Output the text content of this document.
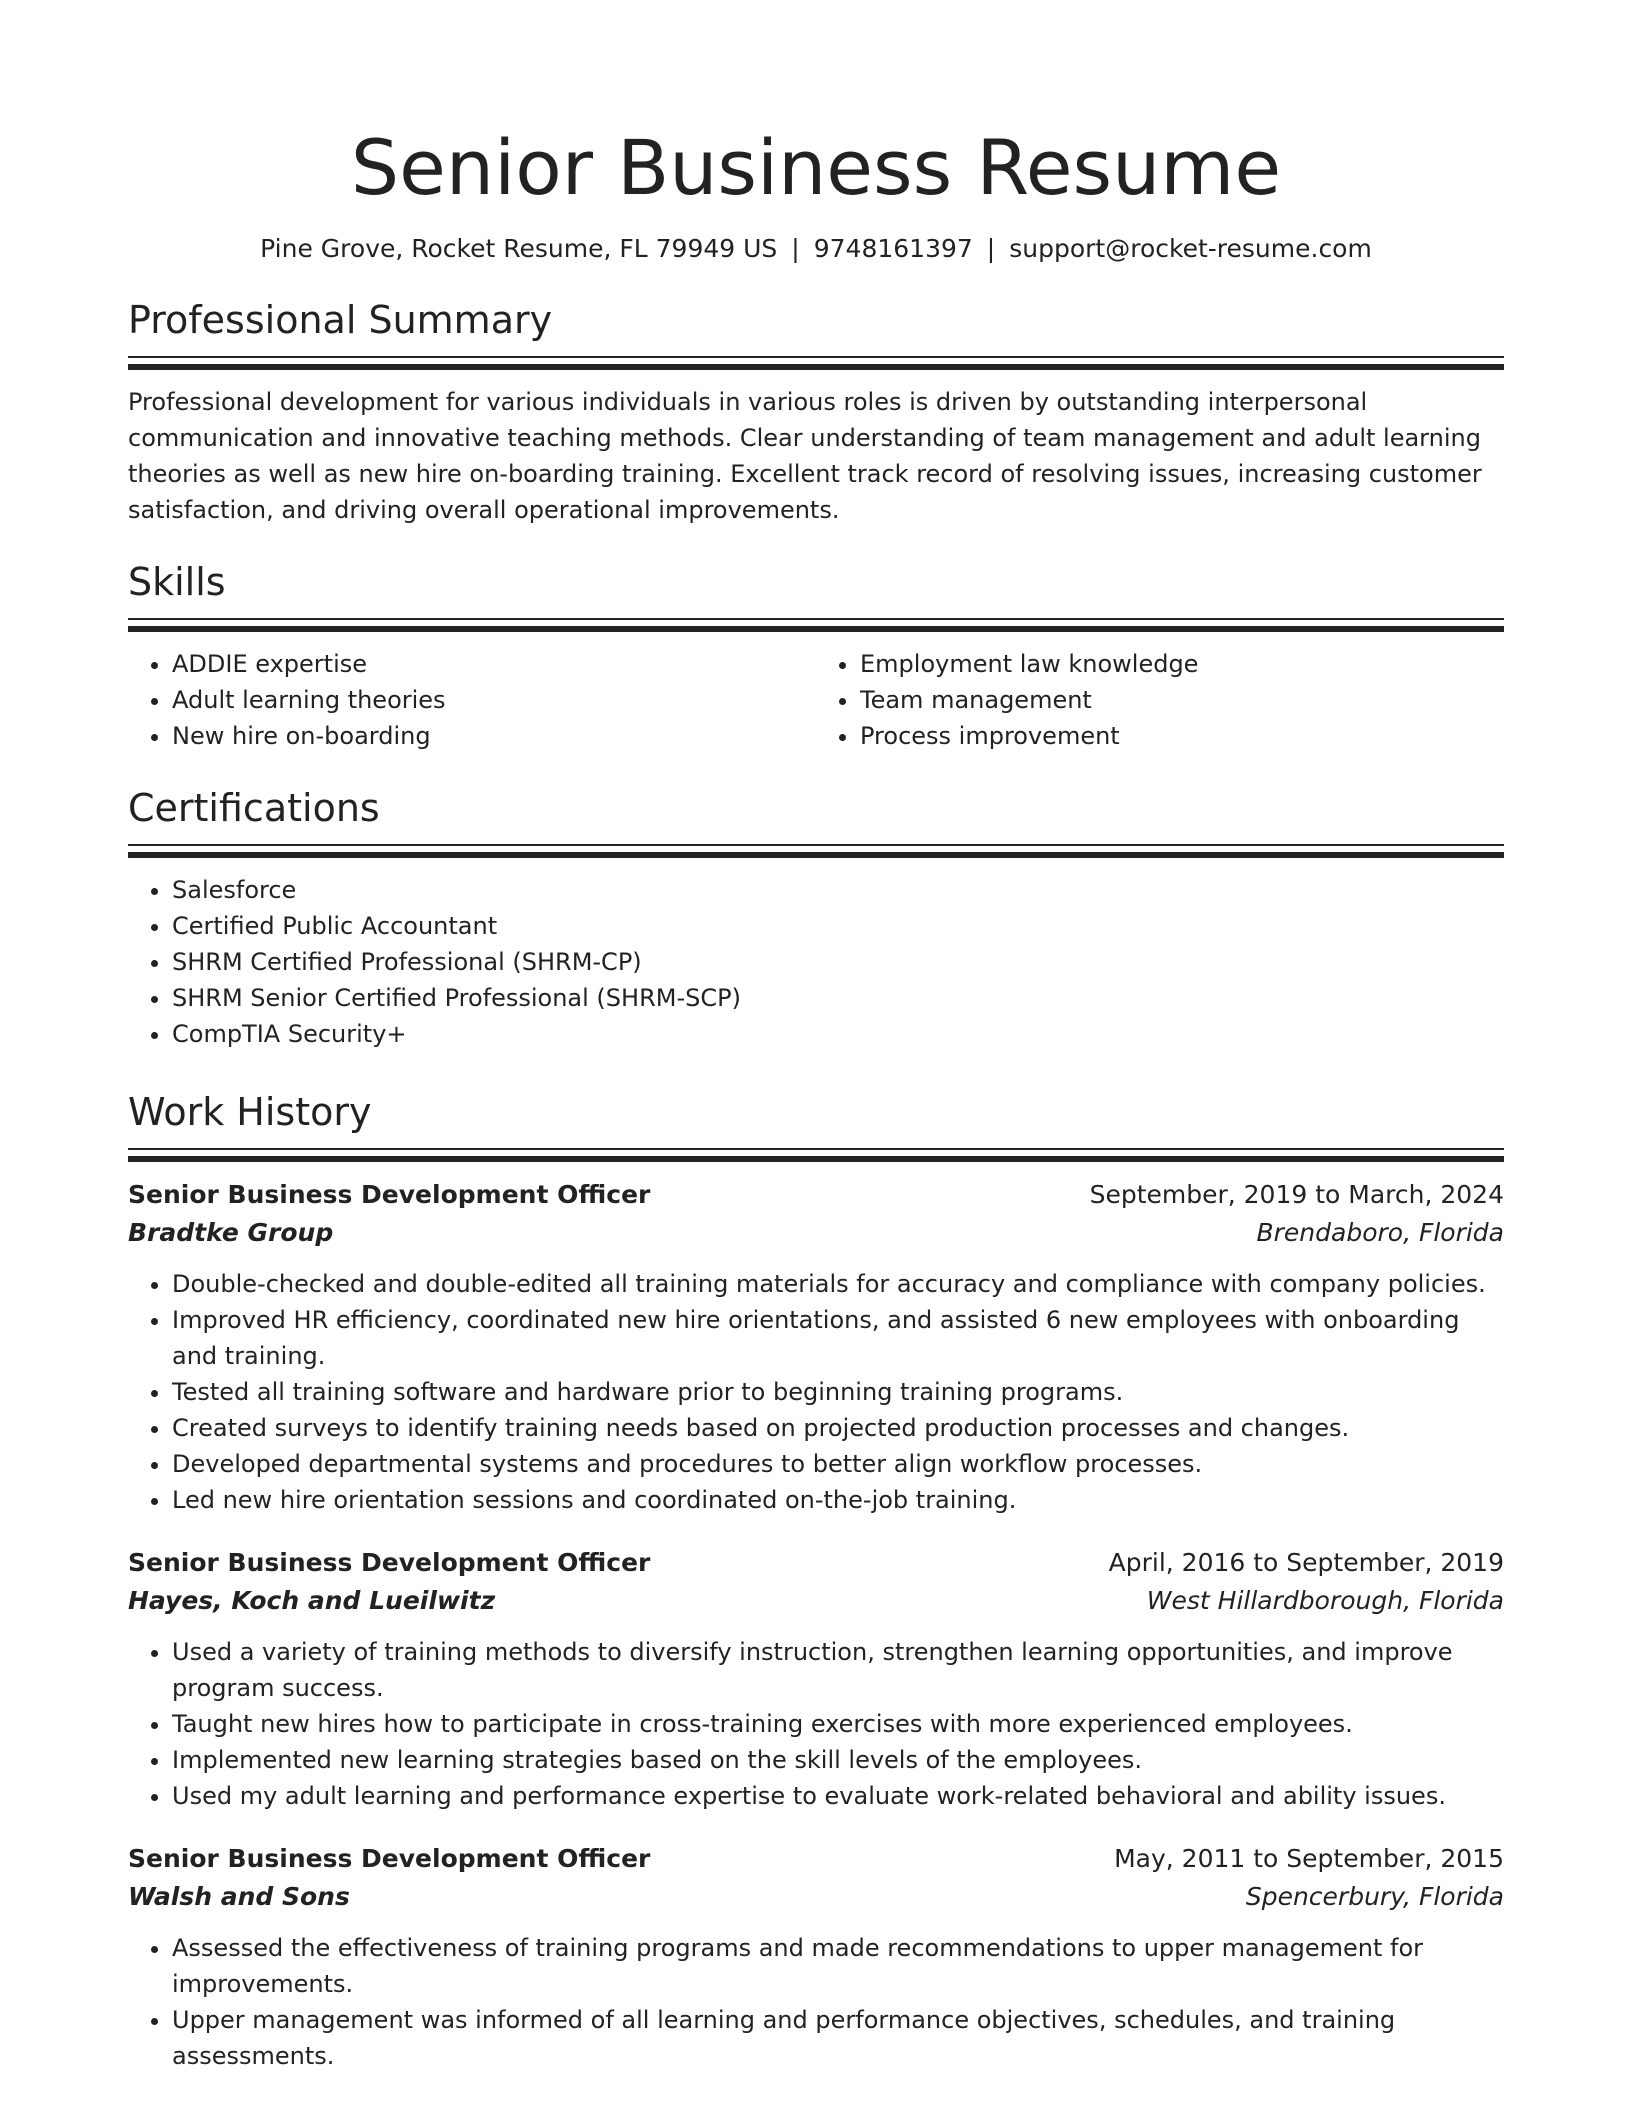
Senior Business Resume
Pine Grove, Rocket Resume, FL 79949 US | 9748161397 | support@rocket-resume.com
Professional Summary

Professional development for various individuals in various roles is driven by outstanding interpersonal communication and innovative teaching methods. Clear understanding of team management and adult learning theories as well as new hire on-boarding training. Excellent track record of resolving issues, increasing customer satisfaction, and driving overall operational improvements.

Skills
• ADDIE expertise
• Adult learning theories
• New hire on-boarding
• Employment law knowledge
• Team management
• Process improvement
Certifications
• Salesforce
• Certified Public Accountant
• SHRM Certified Professional (SHRM-CP)
• SHRM Senior Certified Professional (SHRM-SCP)
• CompTIA Security+
Work History
Senior Business Development Officer	September, 2019 to March, 2024
Bradtke Group	Brendaboro, Florida
• Double-checked and double-edited all training materials for accuracy and compliance with company policies.
• Improved HR efficiency, coordinated new hire orientations, and assisted 6 new employees with onboarding and training.
• Tested all training software and hardware prior to beginning training programs.
• Created surveys to identify training needs based on projected production processes and changes.
• Developed departmental systems and procedures to better align workflow processes.
• Led new hire orientation sessions and coordinated on-the-job training.
Senior Business Development Officer	April, 2016 to September, 2019
Hayes, Koch and Lueilwitz	West Hillardborough, Florida
• Used a variety of training methods to diversify instruction, strengthen learning opportunities, and improve program success.
• Taught new hires how to participate in cross-training exercises with more experienced employees.
• Implemented new learning strategies based on the skill levels of the employees.
• Used my adult learning and performance expertise to evaluate work-related behavioral and ability issues.
Senior Business Development Officer	May, 2011 to September, 2015
Walsh and Sons	Spencerbury, Florida
• Assessed the effectiveness of training programs and made recommendations to upper management for improvements.
• Upper management was informed of all learning and performance objectives, schedules, and training assessments.
